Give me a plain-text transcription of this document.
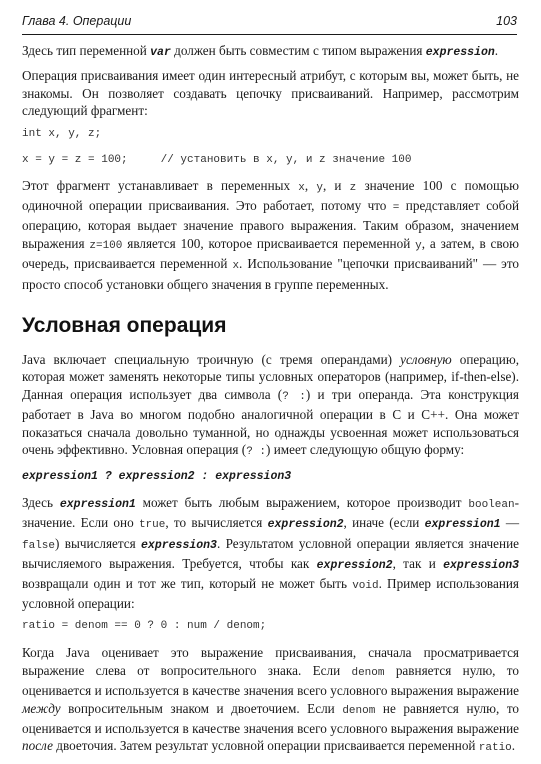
Глава 4. Операции	103

Здесь тип переменной var должен быть совместим с типом выражения expression.

Операция присваивания имеет один интересный атрибут, с которым вы, может быть, не знакомы. Он позволяет создавать цепочку присваиваний. Например, рассмотрим следующий фрагмент:

int x, y, z;
x = y = z = 100;     // установить в x, y, и z значение 100

Этот фрагмент устанавливает в переменных x, y, и z значение 100 с помощью одиночной операции присваивания. Это работает, потому что = представляет собой операцию, которая выдает значение правого выражения. Таким образом, значением выражения z=100 является 100, которое присваивается переменной y, а затем, в свою очередь, присваивается переменной x. Использование "цепочки присваиваний" — это просто способ установки общего значения в группе переменных.

Условная операция

Java включает специальную троичную (с тремя операндами) условную операцию, которая может заменять некоторые типы условных операторов (например, if-then-else). Данная операция использует два символа (? :) и три операнда. Эта конструкция работает в Java во многом подобно аналогичной операции в С и С++. Она может показаться сначала довольно туманной, но однажды усвоенная может использоваться очень эффективно. Условная операция (? :) имеет следующую общую форму:

expression1 ? expression2 : expression3

Здесь expression1 может быть любым выражением, которое производит boolean-значение. Если оно true, то вычисляется expression2, иначе (если expression1 — false) вычисляется expression3. Результатом условной операции является значение вычисляемого выражения. Требуется, чтобы как expression2, так и expression3 возвращали один и тот же тип, который не может быть void. Пример использования условной операции:

ratio = denom == 0 ? 0 : num / denom;

Когда Java оценивает это выражение присваивания, сначала просматривается выражение слева от вопросительного знака. Если denom равняется нулю, то оценивается и используется в качестве значения всего условного выражения выражение между вопросительным знаком и двоеточием. Если denom не равняется нулю, то оценивается и используется в качестве значения всего условного выражения выражение после двоеточия. Затем результат условной операции присваивается переменной ratio.
